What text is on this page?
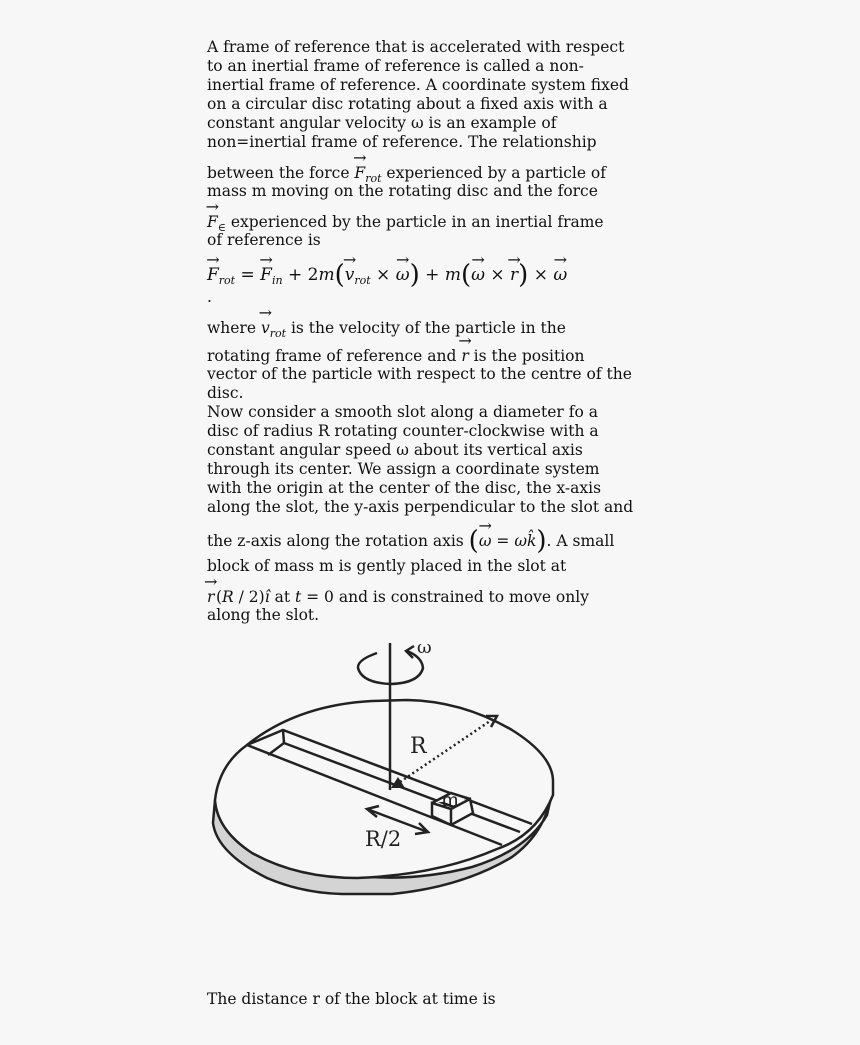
A frame of reference that is accelerated with respect
to an inertial frame of reference is called a non-
inertial frame of reference. A coordinate system fixed
on a circular disc rotating about a fixed axis with a
constant angular velocity ω is an example of
non=inertial frame of reference. The relationship
between the force → $F_{rot}$ experienced by a particle of
mass m moving on the rotating disc and the force
→ $F_\in$ experienced by the particle in an inertial frame
of reference is
→ $F_{rot}$ = → $F_{in} + 2m(\to v_{rot}$ × → ω) + m(→ ω × → r) × → ω
.
where → $v_{rot}$ is the velocity of the particle in the
rotating frame of reference and → r is the position
vector of the particle with respect to the centre of the
disc.
Now consider a smooth slot along a diameter fo a
disc of radius R rotating counter-clockwise with a
constant angular speed ω about its vertical axis
through its center. We assign a coordinate system
with the origin at the center of the disc, the x-axis
along the slot, the y-axis perpendicular to the slot and
the z-axis along the rotation axis (→ ω = ωk̂). A small
block of mass m is gently placed in the slot at
→ r (R / 2)î at t = 0 and is constrained to move only
along the slot.
ω
R
m
R/2
The distance r of the block at time is
